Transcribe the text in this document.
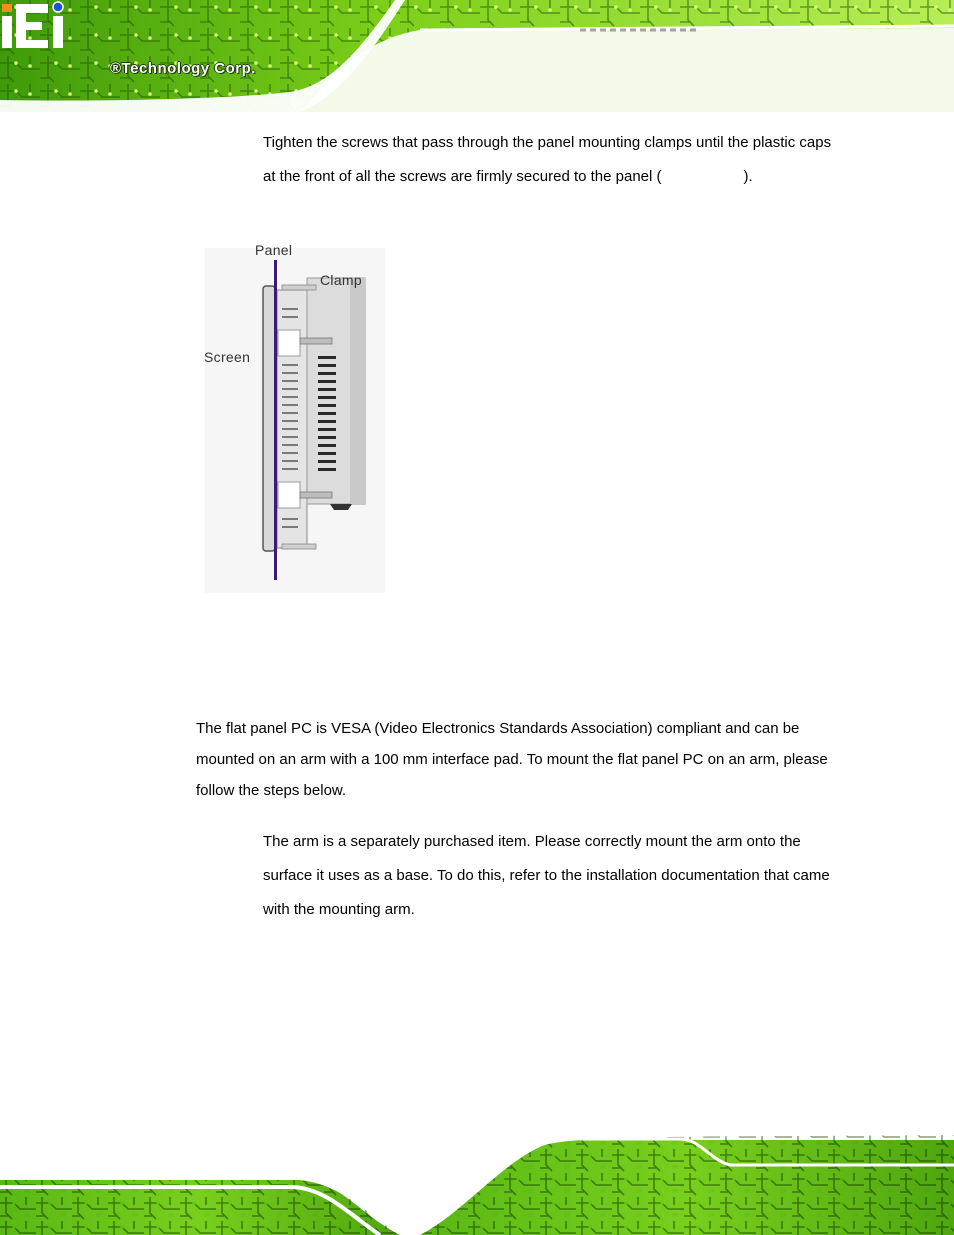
®Technology Corp.

Tighten the screws that pass through the panel mounting clamps until the plastic caps at the front of all the screws are firmly secured to the panel (	).

Panel
Clamp
Screen

The flat panel PC is VESA (Video Electronics Standards Association) compliant and can be mounted on an arm with a 100 mm interface pad. To mount the flat panel PC on an arm, please follow the steps below.

The arm is a separately purchased item. Please correctly mount the arm onto the surface it uses as a base. To do this, refer to the installation documentation that came with the mounting arm.
